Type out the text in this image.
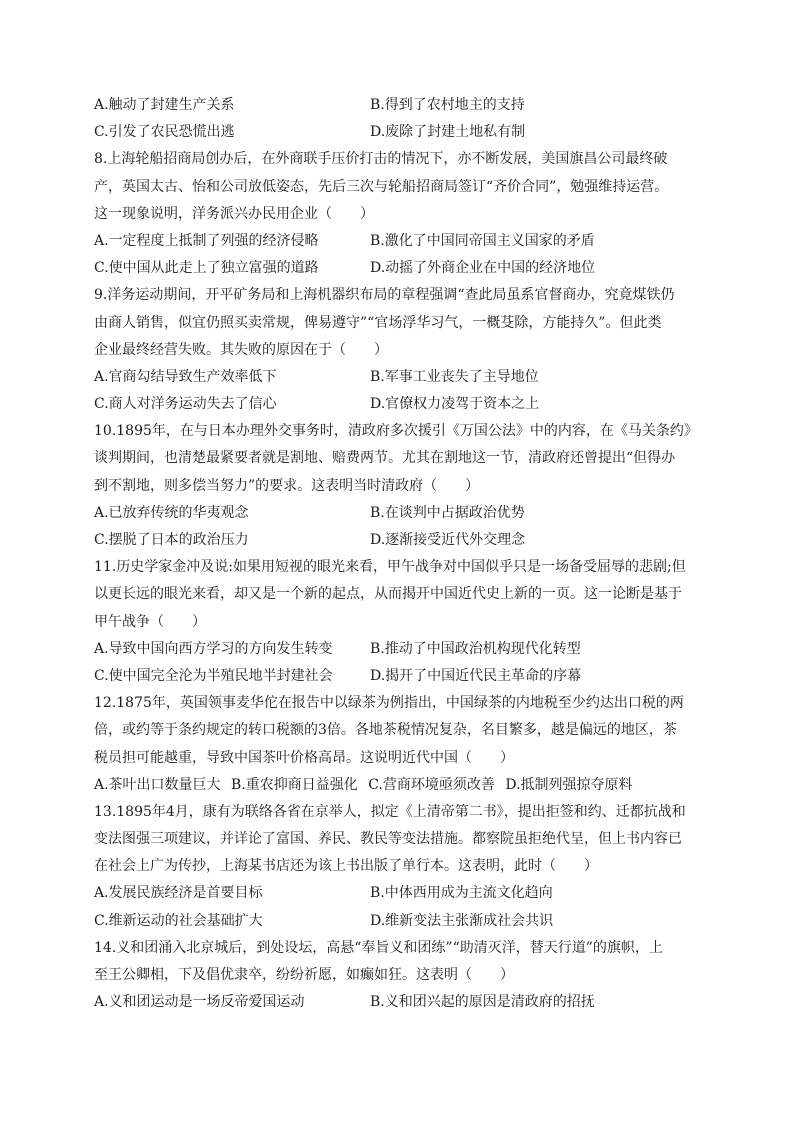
A.触动了封建生产关系	B.得到了农村地主的支持
C.引发了农民恐慌出逃	D.废除了封建土地私有制
8.上海轮船招商局创办后，在外商联手压价打击的情况下，亦不断发展，美国旗昌公司最终破
产，英国太古、怡和公司放低姿态，先后三次与轮船招商局签订“齐价合同”，勉强维持运营。
这一现象说明，洋务派兴办民用企业（　　）
A.一定程度上抵制了列强的经济侵略	B.激化了中国同帝国主义国家的矛盾
C.使中国从此走上了独立富强的道路	D.动摇了外商企业在中国的经济地位
9.洋务运动期间，开平矿务局和上海机器织布局的章程强调“查此局虽系官督商办，究竟煤铁仍
由商人销售，似宜仍照买卖常规，俾易遵守”“官场浮华习气，一概芟除，方能持久”。但此类
企业最终经营失败。其失败的原因在于（　　）
A.官商勾结导致生产效率低下	B.军事工业丧失了主导地位
C.商人对洋务运动失去了信心	D.官僚权力凌驾于资本之上
10.1895年，在与日本办理外交事务时，清政府多次援引《万国公法》中的内容，在《马关条约》
谈判期间，也清楚最紧要者就是割地、赔费两节。尤其在割地这一节，清政府还曾提出“但得办
到不割地，则多偿当努力”的要求。这表明当时清政府（　　）
A.已放弃传统的华夷观念	B.在谈判中占据政治优势
C.摆脱了日本的政治压力	D.逐渐接受近代外交理念
11.历史学家金冲及说:如果用短视的眼光来看，甲午战争对中国似乎只是一场备受屈辱的悲剧;但
以更长远的眼光来看，却又是一个新的起点，从而揭开中国近代史上新的一页。这一论断是基于
甲午战争（　　）
A.导致中国向西方学习的方向发生转变	B.推动了中国政治机构现代化转型
C.使中国完全沦为半殖民地半封建社会	D.揭开了中国近代民主革命的序幕
12.1875年，英国领事麦华佗在报告中以绿茶为例指出，中国绿茶的内地税至少约达出口税的两
倍，或约等于条约规定的转口税额的3倍。各地茶税情况复杂，名目繁多，越是偏远的地区，茶
税员担可能越重，导致中国茶叶价格高昂。这说明近代中国（　　）
A.茶叶出口数量巨大 B.重农抑商日益强化 C.营商环境亟须改善 D.抵制列强掠夺原料
13.1895年4月，康有为联络各省在京举人，拟定《上清帝第二书》，提出拒签和约、迁都抗战和
变法图强三项建议，并详论了富国、养民、教民等变法措施。都察院虽拒绝代呈，但上书内容已
在社会上广为传抄，上海某书店还为该上书出版了单行本。这表明，此时（　　）
A.发展民族经济是首要目标	B.中体西用成为主流文化趋向
C.维新运动的社会基础扩大	D.维新变法主张渐成社会共识
14.义和团涌入北京城后，到处设坛，高悬“奉旨义和团练”“助清灭洋，替天行道”的旗帜，上
至王公卿相，下及倡优隶卒，纷纷祈愿，如癫如狂。这表明（　　）
A.义和团运动是一场反帝爱国运动	B.义和团兴起的原因是清政府的招抚
